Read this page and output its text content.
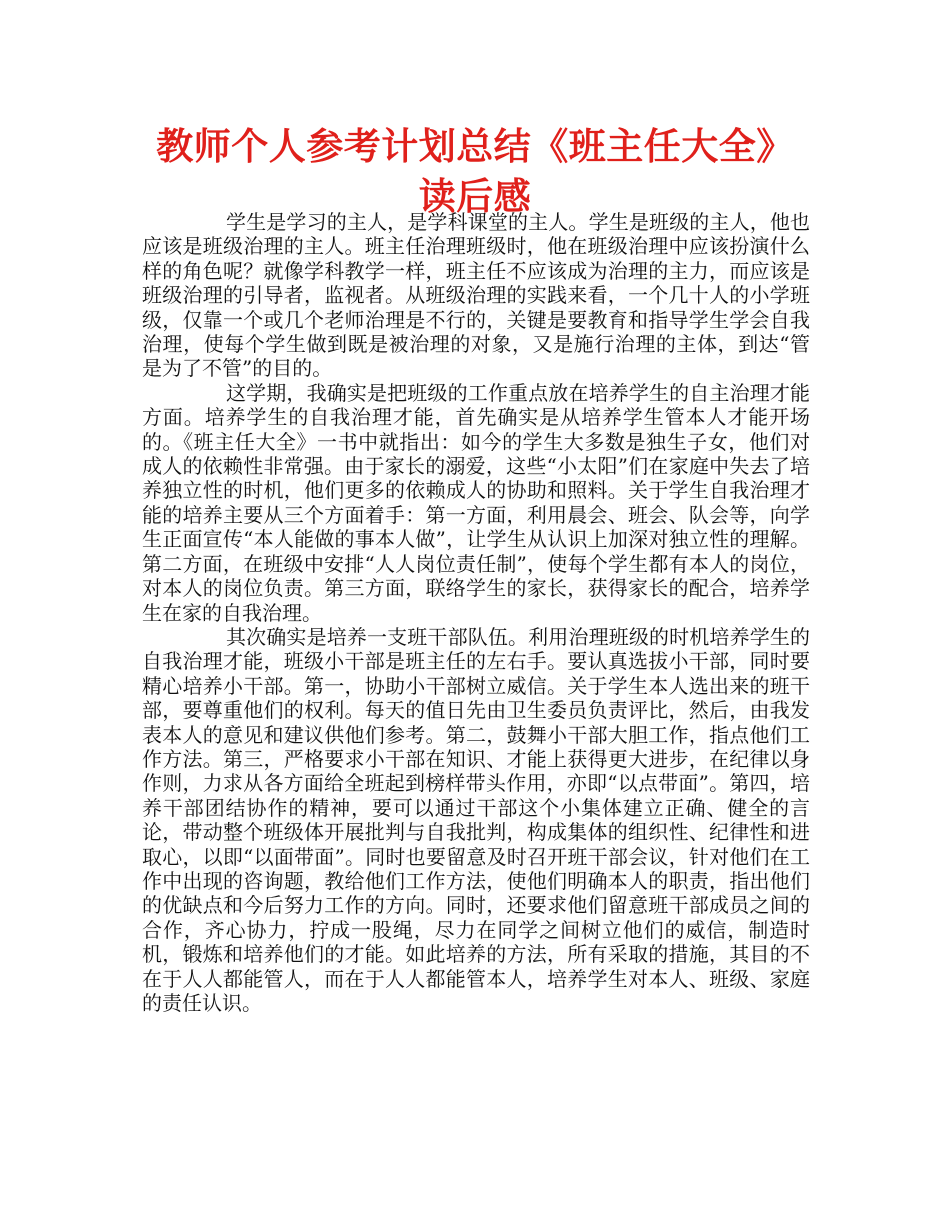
教师个人参考计划总结《班主任大全》读后感

学生是学习的主人，是学科课堂的主人。学生是班级的主人，他也应该是班级治理的主人。班主任治理班级时，他在班级治理中应该扮演什么样的角色呢？就像学科教学一样，班主任不应该成为治理的主力，而应该是班级治理的引导者，监视者。从班级治理的实践来看，一个几十人的小学班级，仅靠一个或几个老师治理是不行的，关键是要教育和指导学生学会自我治理，使每个学生做到既是被治理的对象，又是施行治理的主体，到达“管是为了不管”的目的。

这学期，我确实是把班级的工作重点放在培养学生的自主治理才能方面。培养学生的自我治理才能，首先确实是从培养学生管本人才能开场的。《班主任大全》一书中就指出：如今的学生大多数是独生子女，他们对成人的依赖性非常强。由于家长的溺爱，这些“小太阳”们在家庭中失去了培养独立性的时机，他们更多的依赖成人的协助和照料。关于学生自我治理才能的培养主要从三个方面着手：第一方面，利用晨会、班会、队会等，向学生正面宣传“本人能做的事本人做”，让学生从认识上加深对独立性的理解。第二方面，在班级中安排“人人岗位责任制”，使每个学生都有本人的岗位，对本人的岗位负责。第三方面，联络学生的家长，获得家长的配合，培养学生在家的自我治理。

其次确实是培养一支班干部队伍。利用治理班级的时机培养学生的自我治理才能，班级小干部是班主任的左右手。要认真选拔小干部，同时要精心培养小干部。第一，协助小干部树立威信。关于学生本人选出来的班干部，要尊重他们的权利。每天的值日先由卫生委员负责评比，然后，由我发表本人的意见和建议供他们参考。第二，鼓舞小干部大胆工作，指点他们工作方法。第三，严格要求小干部在知识、才能上获得更大进步，在纪律以身作则，力求从各方面给全班起到榜样带头作用，亦即“以点带面”。第四，培养干部团结协作的精神，要可以通过干部这个小集体建立正确、健全的言论，带动整个班级体开展批判与自我批判，构成集体的组织性、纪律性和进取心，以即“以面带面”。同时也要留意及时召开班干部会议，针对他们在工作中出现的咨询题，教给他们工作方法，使他们明确本人的职责，指出他们的优缺点和今后努力工作的方向。同时，还要求他们留意班干部成员之间的合作，齐心协力，拧成一股绳，尽力在同学之间树立他们的威信，制造时机，锻炼和培养他们的才能。如此培养的方法，所有采取的措施，其目的不在于人人都能管人，而在于人人都能管本人，培养学生对本人、班级、家庭的责任认识。
